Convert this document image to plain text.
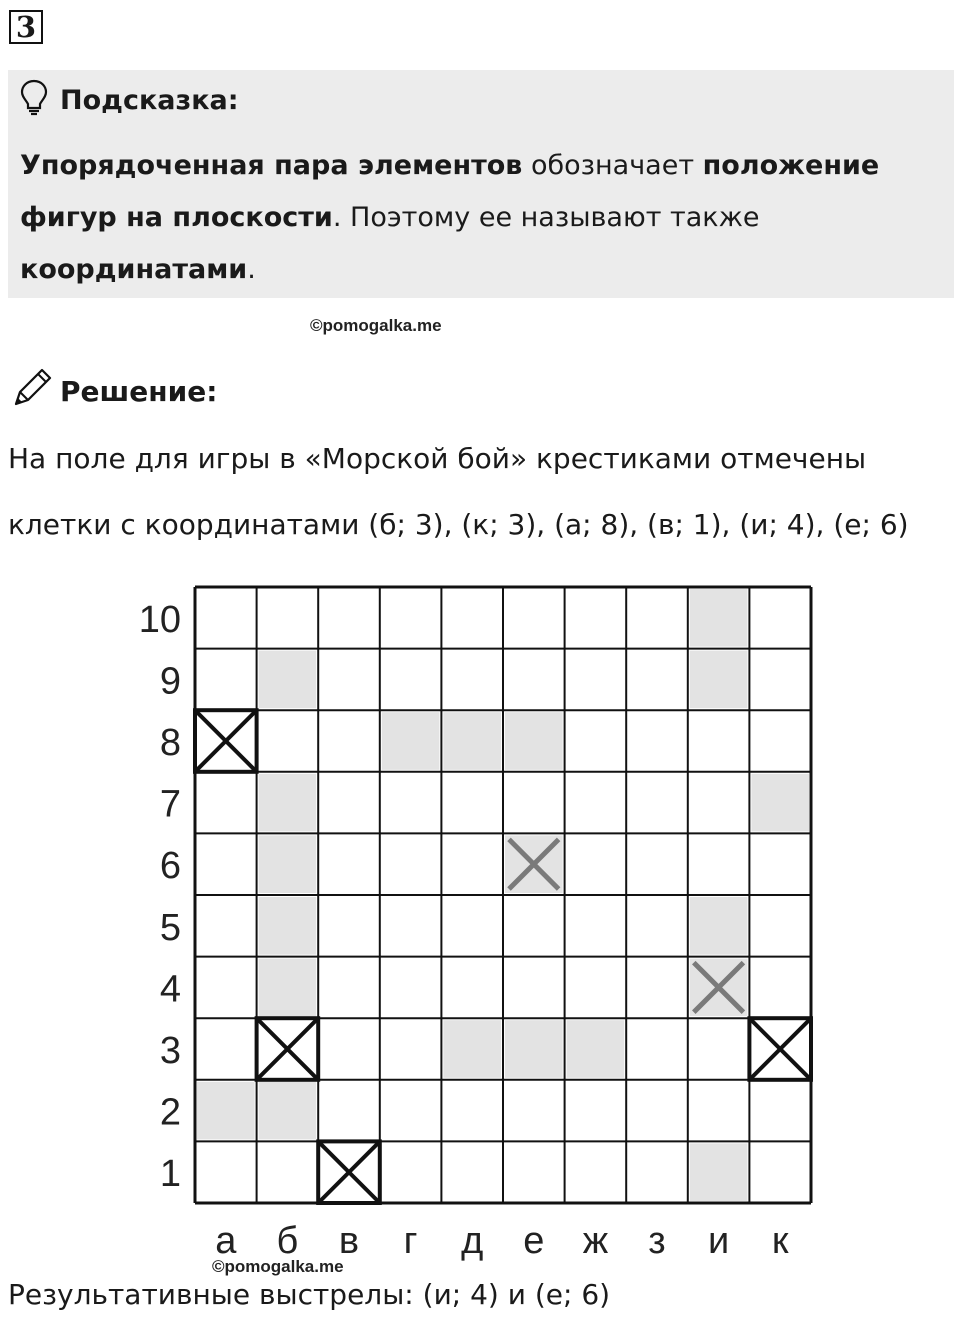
3
Подсказка:
Упорядоченная пара элементов обозначает положение фигур на плоскости. Поэтому ее называют также координатами.
©pomogalka.me
Решение:
На поле для игры в «Морской бой» крестиками отмечены
клетки с координатами (б; 3), (к; 3), (а; 8), (в; 1), (и; 4), (е; 6)
1
2
3
4
5
6
7
8
9
10
а б в г д е ж з и к
©pomogalka.me
Результативные выстрелы: (и; 4) и (е; 6)
